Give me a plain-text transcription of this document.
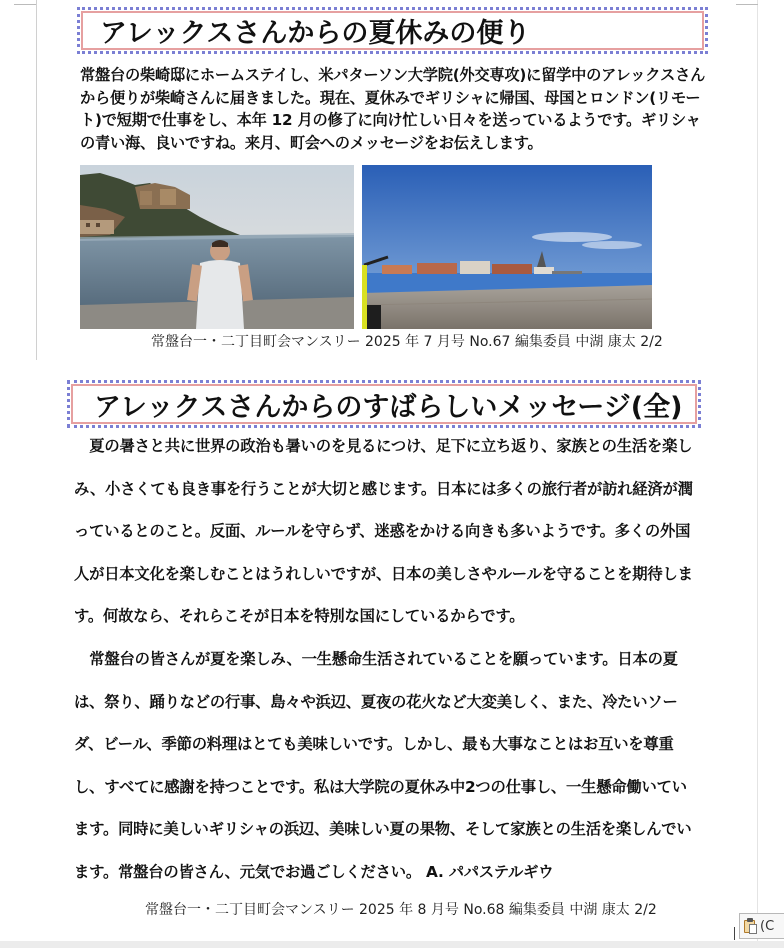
アレックスさんからの夏休みの便り

常盤台の柴崎邸にホームステイし、米パターソン大学院(外交専攻)に留学中のアレックスさんから便りが柴崎さんに届きました。現在、夏休みでギリシャに帰国、母国とロンドン(リモート)で短期で仕事をし、本年 12 月の修了に向け忙しい日々を送っているようです。ギリシャの青い海、良いですね。来月、町会へのメッセージをお伝えします。

常盤台一・二丁目町会マンスリー 2025 年 7 月号 No.67 編集委員 中湖 康太 2/2
アレックスさんからのすばらしいメッセージ(全)

夏の暑さと共に世界の政治も暑いのを見るにつけ、足下に立ち返り、家族との生活を楽しみ、小さくても良き事を行うことが大切と感じます。日本には多くの旅行者が訪れ経済が潤っているとのこと。反面、ルールを守らず、迷惑をかける向きも多いようです。多くの外国人が日本文化を楽しむことはうれしいですが、日本の美しさやルールを守ることを期待します。何故なら、それらこそが日本を特別な国にしているからです。

常盤台の皆さんが夏を楽しみ、一生懸命生活されていることを願っています。日本の夏は、祭り、踊りなどの行事、島々や浜辺、夏夜の花火など大変美しく、また、冷たいソーダ、ビール、季節の料理はとても美味しいです。しかし、最も大事なことはお互いを尊重し、すべてに感謝を持つことです。私は大学院の夏休み中2つの仕事し、一生懸命働いています。同時に美しいギリシャの浜辺、美味しい夏の果物、そして家族との生活を楽しんでいます。常盤台の皆さん、元気でお過ごしください。 A. パパステルギウ

常盤台一・二丁目町会マンスリー 2025 年 8 月号 No.68 編集委員 中湖 康太 2/2
(C
